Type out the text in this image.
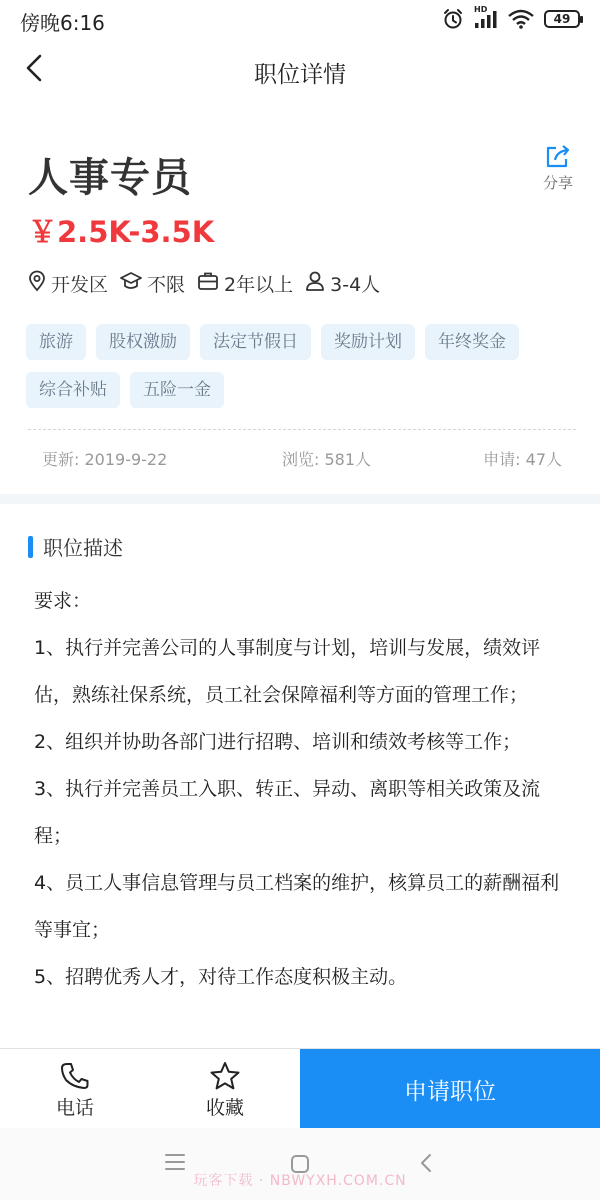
傍晚6:16
HD
49
职位详情
人事专员	分享
￥2.5K-3.5K
开发区 不限 2年以上 3-4人
旅游	股权激励	法定节假日	奖励计划	年终奖金
综合补贴	五险一金
更新: 2019-9-22	浏览: 581人	申请: 47人
职位描述

要求：

1、执行并完善公司的人事制度与计划，培训与发展，绩效评估，熟练社保系统，员工社会保障福利等方面的管理工作；

2、组织并协助各部门进行招聘、培训和绩效考核等工作；

3、执行并完善员工入职、转正、异动、离职等相关政策及流程；

4、员工人事信息管理与员工档案的维护，核算员工的薪酬福利等事宜；

5、招聘优秀人才，对待工作态度积极主动。

电话	收藏
申请职位
玩客下载 · NBWYXH.COM.CN
